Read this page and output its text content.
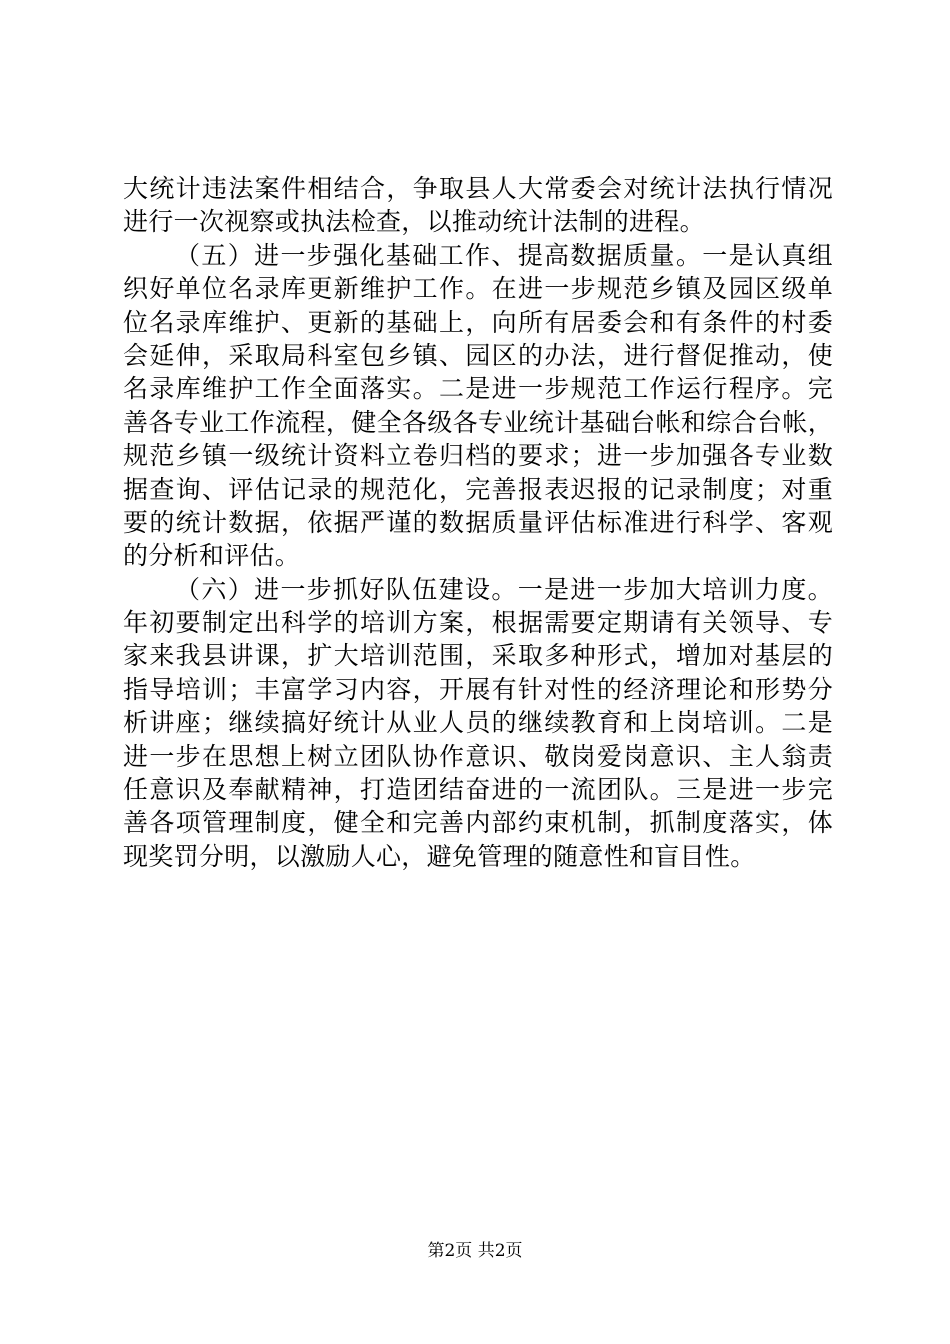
大统计违法案件相结合，争取县人大常委会对统计法执行情况
进行一次视察或执法检查，以推动统计法制的进程。
（五）进一步强化基础工作、提高数据质量。一是认真组
织好单位名录库更新维护工作。在进一步规范乡镇及园区级单
位名录库维护、更新的基础上，向所有居委会和有条件的村委
会延伸，采取局科室包乡镇、园区的办法，进行督促推动，使
名录库维护工作全面落实。二是进一步规范工作运行程序。完
善各专业工作流程，健全各级各专业统计基础台帐和综合台帐，
规范乡镇一级统计资料立卷归档的要求；进一步加强各专业数
据查询、评估记录的规范化，完善报表迟报的记录制度；对重
要的统计数据，依据严谨的数据质量评估标准进行科学、客观
的分析和评估。
（六）进一步抓好队伍建设。一是进一步加大培训力度。
年初要制定出科学的培训方案，根据需要定期请有关领导、专
家来我县讲课，扩大培训范围，采取多种形式，增加对基层的
指导培训；丰富学习内容，开展有针对性的经济理论和形势分
析讲座；继续搞好统计从业人员的继续教育和上岗培训。二是
进一步在思想上树立团队协作意识、敬岗爱岗意识、主人翁责
任意识及奉献精神，打造团结奋进的一流团队。三是进一步完
善各项管理制度，健全和完善内部约束机制，抓制度落实，体
现奖罚分明，以激励人心，避免管理的随意性和盲目性。
第2页 共2页
